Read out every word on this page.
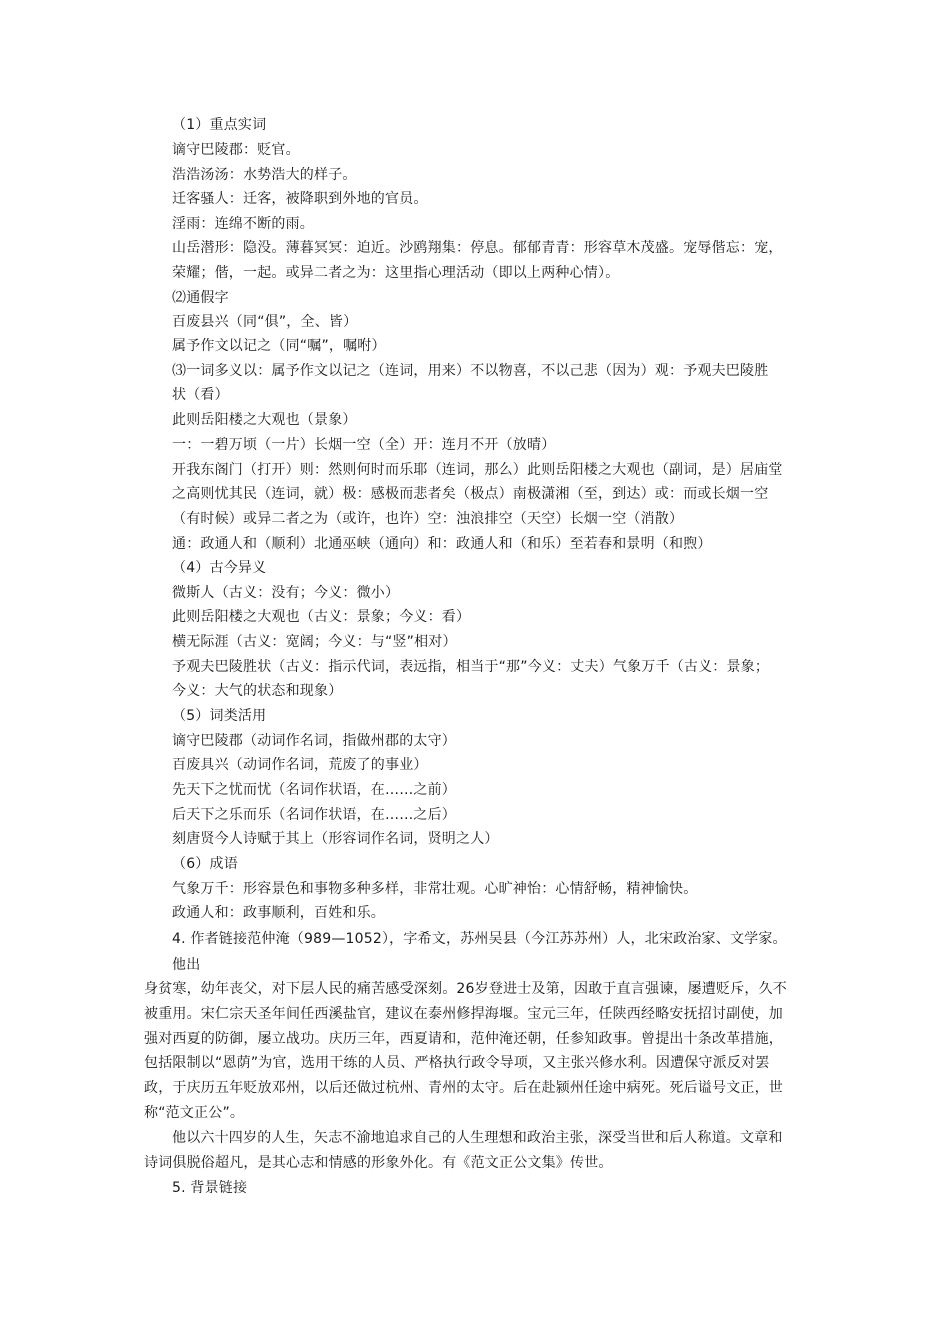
（1）重点实词
谪守巴陵郡：贬官。
浩浩汤汤：水势浩大的样子。
迁客骚人：迁客，被降职到外地的官员。
淫雨：连绵不断的雨。
山岳潜形：隐没。薄暮冥冥：迫近。沙鸥翔集：停息。郁郁青青：形容草木茂盛。宠辱偕忘：宠，
荣耀；偕，一起。或异二者之为：这里指心理活动（即以上两种心情）。
⑵通假字
百废县兴（同“俱”，全、皆）
属予作文以记之（同“嘱”，嘱咐）
⑶一词多义以：属予作文以记之（连词，用来）不以物喜，不以己悲（因为）观：予观夫巴陵胜
状（看）
此则岳阳楼之大观也（景象）
一：一碧万顷（一片）长烟一空（全）开：连月不开（放晴）
开我东阁门（打开）则：然则何时而乐耶（连词，那么）此则岳阳楼之大观也（副词，是）居庙堂
之高则忧其民（连词，就）极：感极而悲者矣（极点）南极潇湘（至，到达）或：而或长烟一空
（有时候）或异二者之为（或许，也许）空：浊浪排空（天空）长烟一空（消散）
通：政通人和（顺利）北通巫峡（通向）和：政通人和（和乐）至若春和景明（和煦）
（4）古今异义
微斯人（古义：没有；今义：微小）
此则岳阳楼之大观也（古义：景象；今义：看）
横无际涯（古义：宽阔；今义：与“竖”相对）
予观夫巴陵胜状（古义：指示代词，表远指，相当于“那”今义：丈夫）气象万千（古义：景象；
今义：大气的状态和现象）
（5）词类活用
谪守巴陵郡（动词作名词，指做州郡的太守）
百废具兴（动词作名词，荒废了的事业）
先天下之忧而忧（名词作状语，在……之前）
后天下之乐而乐（名词作状语，在……之后）
刻唐贤今人诗赋于其上（形容词作名词，贤明之人）
（6）成语
气象万千：形容景色和事物多种多样，非常壮观。心旷神怡：心情舒畅，精神愉快。
政通人和：政事顺利，百姓和乐。
4. 作者链接范仲淹（989—1052），字希文，苏州吴县（今江苏苏州）人，北宋政治家、文学家。
他出
身贫寒，幼年丧父，对下层人民的痛苦感受深刻。26岁登进士及第，因敢于直言强谏，屡遭贬斥，久不
被重用。宋仁宗天圣年间任西溪盐官，建议在泰州修捍海堰。宝元三年，任陕西经略安抚招讨副使，加
强对西夏的防御，屡立战功。庆历三年，西夏请和，范仲淹还朝，任参知政事。曾提出十条改革措施，
包括限制以“恩荫”为官，选用干练的人员、严格执行政令导项，又主张兴修水利。因遭保守派反对罢
政，于庆历五年贬放邓州，以后还做过杭州、青州的太守。后在赴颍州任途中病死。死后谥号文正，世
称“范文正公”。
他以六十四岁的人生，矢志不渝地追求自己的人生理想和政治主张，深受当世和后人称道。文章和
诗词俱脱俗超凡，是其心志和情感的形象外化。有《范文正公文集》传世。
5. 背景链接
